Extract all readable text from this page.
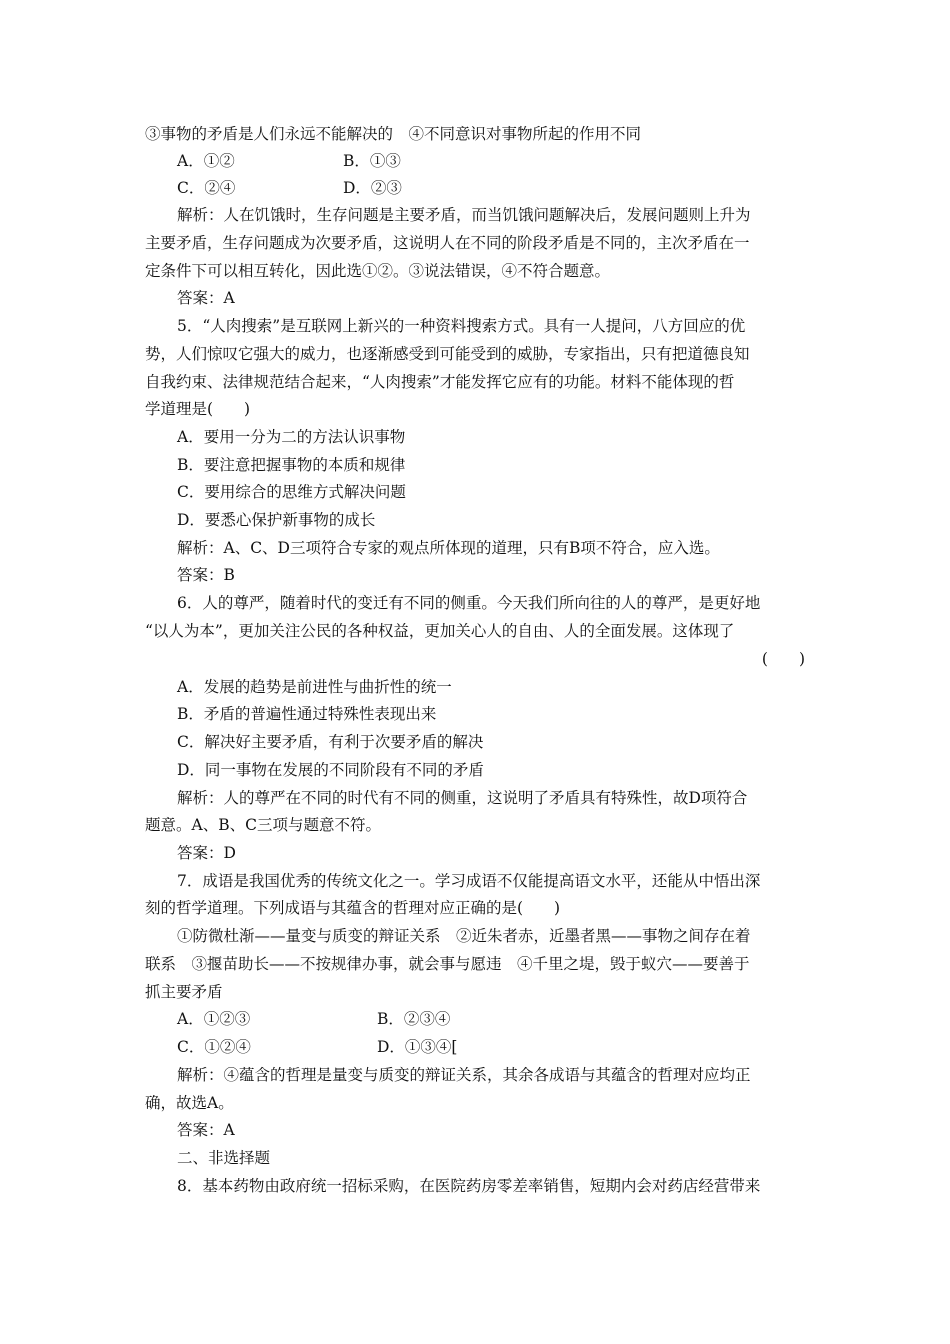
③事物的矛盾是人们永远不能解决的　④不同意识对事物所起的作用不同
A．①②	B．①③
C．②④	D．②③
解析：人在饥饿时，生存问题是主要矛盾，而当饥饿问题解决后，发展问题则上升为
主要矛盾，生存问题成为次要矛盾，这说明人在不同的阶段矛盾是不同的，主次矛盾在一
定条件下可以相互转化，因此选①②。③说法错误，④不符合题意。
答案：A
5．“人肉搜索”是互联网上新兴的一种资料搜索方式。具有一人提问，八方回应的优
势，人们惊叹它强大的威力，也逐渐感受到可能受到的威胁，专家指出，只有把道德良知
自我约束、法律规范结合起来，“人肉搜索”才能发挥它应有的功能。材料不能体现的哲
学道理是(　　)
A．要用一分为二的方法认识事物
B．要注意把握事物的本质和规律
C．要用综合的思维方式解决问题
D．要悉心保护新事物的成长
解析：A、C、D三项符合专家的观点所体现的道理，只有B项不符合，应入选。
答案：B
6．人的尊严，随着时代的变迁有不同的侧重。今天我们所向往的人的尊严，是更好地
“以人为本”，更加关注公民的各种权益，更加关心人的自由、人的全面发展。这体现了
(　　)
A．发展的趋势是前进性与曲折性的统一
B．矛盾的普遍性通过特殊性表现出来
C．解决好主要矛盾，有利于次要矛盾的解决
D．同一事物在发展的不同阶段有不同的矛盾
解析：人的尊严在不同的时代有不同的侧重，这说明了矛盾具有特殊性，故D项符合
题意。A、B、C三项与题意不符。
答案：D
7．成语是我国优秀的传统文化之一。学习成语不仅能提高语文水平，还能从中悟出深
刻的哲学道理。下列成语与其蕴含的哲理对应正确的是(　　)
①防微杜渐——量变与质变的辩证关系　②近朱者赤，近墨者黑——事物之间存在着
联系　③揠苗助长——不按规律办事，就会事与愿违　④千里之堤，毁于蚁穴——要善于
抓主要矛盾
A．①②③	B．②③④
C．①②④	D．①③④[
解析：④蕴含的哲理是量变与质变的辩证关系，其余各成语与其蕴含的哲理对应均正
确，故选A。
答案：A
二、非选择题
8．基本药物由政府统一招标采购，在医院药房零差率销售，短期内会对药店经营带来
